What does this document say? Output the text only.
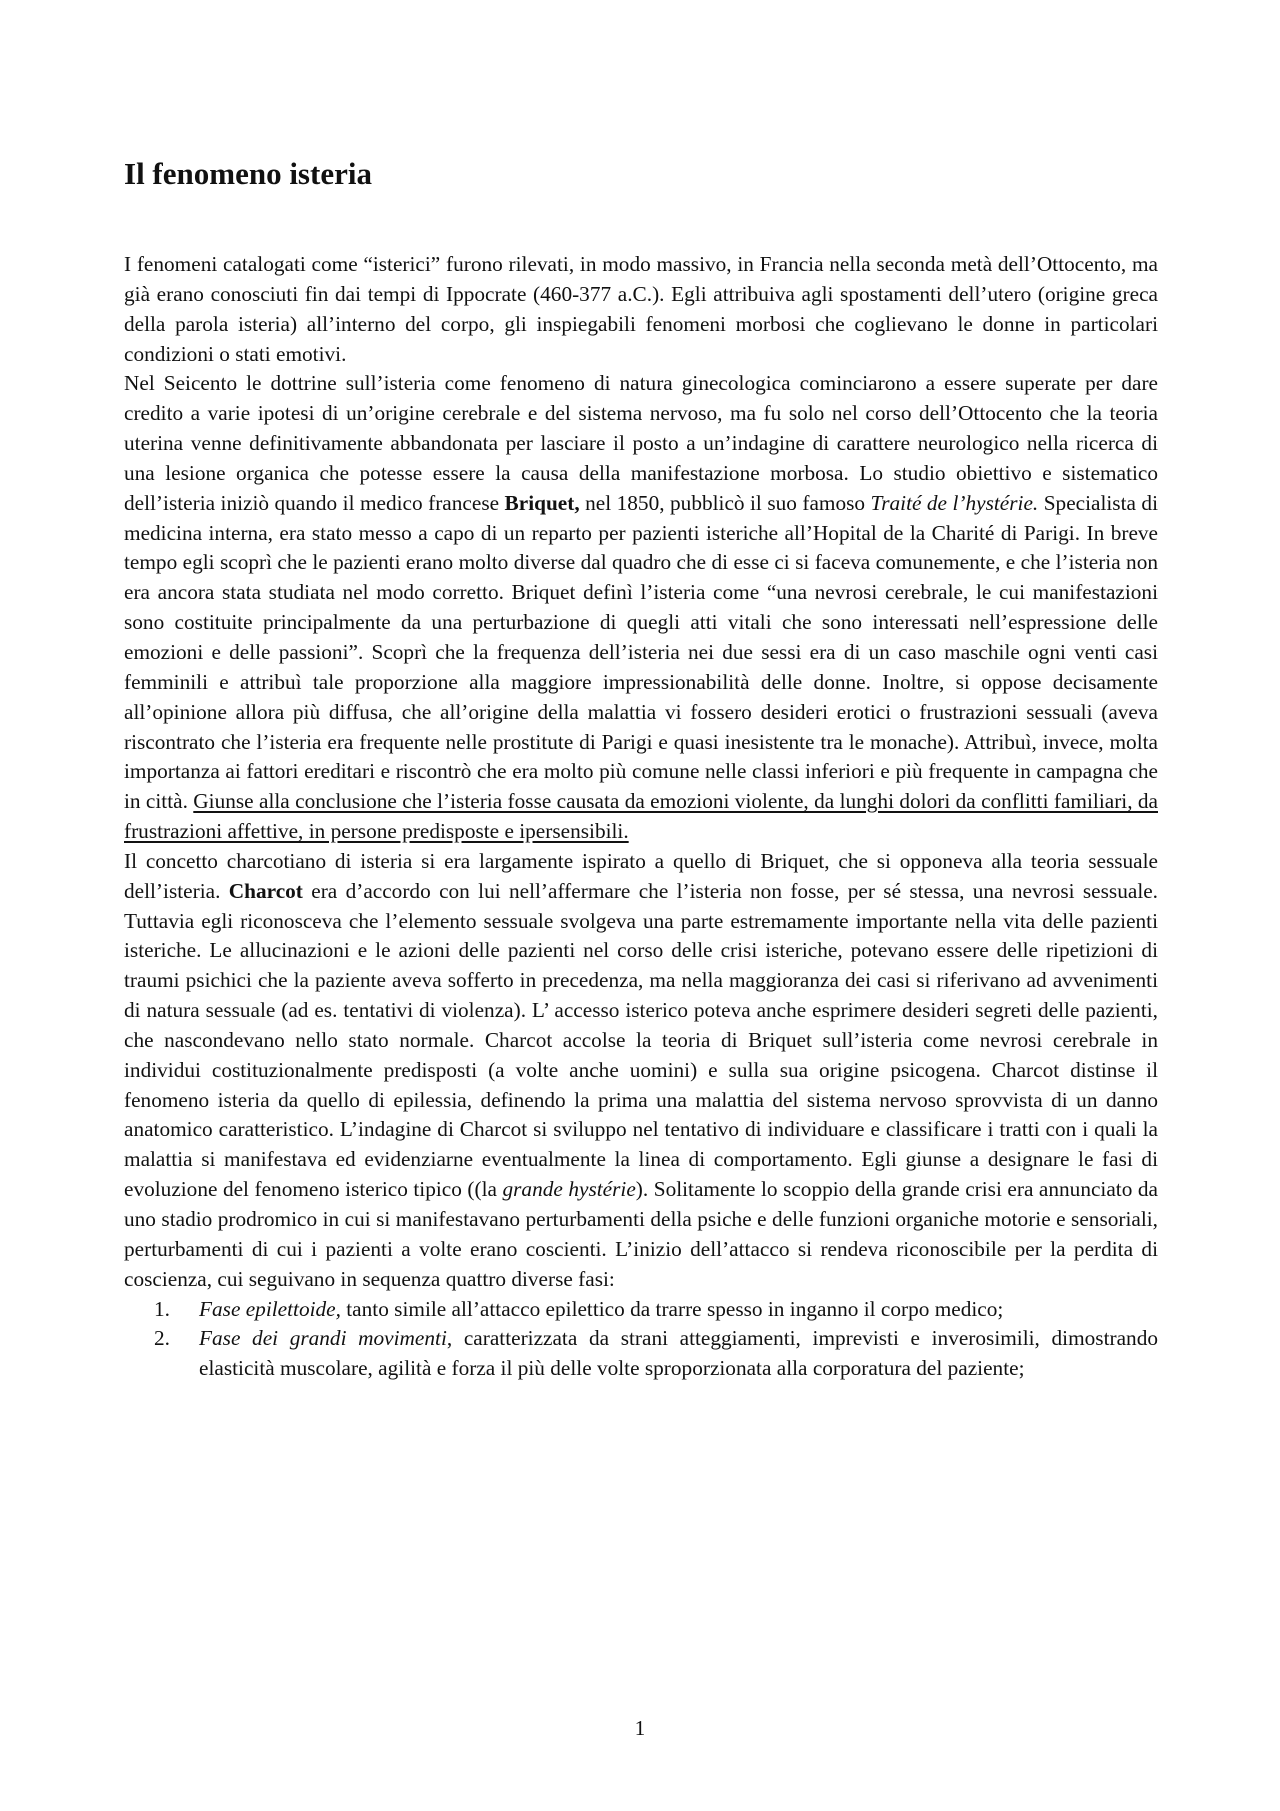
Il fenomeno isteria

I fenomeni catalogati come “isterici” furono rilevati, in modo massivo, in Francia nella seconda metà dell’Ottocento, ma già erano conosciuti fin dai tempi di Ippocrate (460-377 a.C.). Egli attribuiva agli spostamenti dell’utero (origine greca della parola isteria) all’interno del corpo, gli inspiegabili fenomeni morbosi che coglievano le donne in particolari condizioni o stati emotivi.

Nel Seicento le dottrine sull’isteria come fenomeno di natura ginecologica cominciarono a essere superate per dare credito a varie ipotesi di un’origine cerebrale e del sistema nervoso, ma fu solo nel corso dell’Ottocento che la teoria uterina venne definitivamente abbandonata per lasciare il posto a un’indagine di carattere neurologico nella ricerca di una lesione organica che potesse essere la causa della manifestazione morbosa. Lo studio obiettivo e sistematico dell’isteria iniziò quando il medico francese Briquet, nel 1850, pubblicò il suo famoso Traité de l’hystérie. Specialista di medicina interna, era stato messo a capo di un reparto per pazienti isteriche all’Hopital de la Charité di Parigi. In breve tempo egli scoprì che le pazienti erano molto diverse dal quadro che di esse ci si faceva comunemente, e che l’isteria non era ancora stata studiata nel modo corretto. Briquet definì l’isteria come “una nevrosi cerebrale, le cui manifestazioni sono costituite principalmente da una perturbazione di quegli atti vitali che sono interessati nell’espressione delle emozioni e delle passioni”. Scoprì che la frequenza dell’isteria nei due sessi era di un caso maschile ogni venti casi femminili e attribuì tale proporzione alla maggiore impressionabilità delle donne. Inoltre, si oppose decisamente all’opinione allora più diffusa, che all’origine della malattia vi fossero desideri erotici o frustrazioni sessuali (aveva riscontrato che l’isteria era frequente nelle prostitute di Parigi e quasi inesistente tra le monache). Attribuì, invece, molta importanza ai fattori ereditari e riscontrò che era molto più comune nelle classi inferiori e più frequente in campagna che in città. Giunse alla conclusione che l’isteria fosse causata da emozioni violente, da lunghi dolori da conflitti familiari, da frustrazioni affettive, in persone predisposte e ipersensibili.

Il concetto charcotiano di isteria si era largamente ispirato a quello di Briquet, che si opponeva alla teoria sessuale dell’isteria. Charcot era d’accordo con lui nell’affermare che l’isteria non fosse, per sé stessa, una nevrosi sessuale. Tuttavia egli riconosceva che l’elemento sessuale svolgeva una parte estremamente importante nella vita delle pazienti isteriche. Le allucinazioni e le azioni delle pazienti nel corso delle crisi isteriche, potevano essere delle ripetizioni di traumi psichici che la paziente aveva sofferto in precedenza, ma nella maggioranza dei casi si riferivano ad avvenimenti di natura sessuale (ad es. tentativi di violenza). L’ accesso isterico poteva anche esprimere desideri segreti delle pazienti, che nascondevano nello stato normale. Charcot accolse la teoria di Briquet sull’isteria come nevrosi cerebrale in individui costituzionalmente predisposti (a volte anche uomini) e sulla sua origine psicogena. Charcot distinse il fenomeno isteria da quello di epilessia, definendo la prima una malattia del sistema nervoso sprovvista di un danno anatomico caratteristico. L’indagine di Charcot si sviluppo nel tentativo di individuare e classificare i tratti con i quali la malattia si manifestava ed evidenziarne eventualmente la linea di comportamento. Egli giunse a designare le fasi di evoluzione del fenomeno isterico tipico ((la grande hystérie). Solitamente lo scoppio della grande crisi era annunciato da uno stadio prodromico in cui si manifestavano perturbamenti della psiche e delle funzioni organiche motorie e sensoriali, perturbamenti di cui i pazienti a volte erano coscienti. L’inizio dell’attacco si rendeva riconoscibile per la perdita di coscienza, cui seguivano in sequenza quattro diverse fasi:

1. Fase epilettoide, tanto simile all’attacco epilettico da trarre spesso in inganno il corpo medico;
2. Fase dei grandi movimenti, caratterizzata da strani atteggiamenti, imprevisti e inverosimili, dimostrando elasticità muscolare, agilità e forza il più delle volte sproporzionata alla corporatura del paziente;
1
